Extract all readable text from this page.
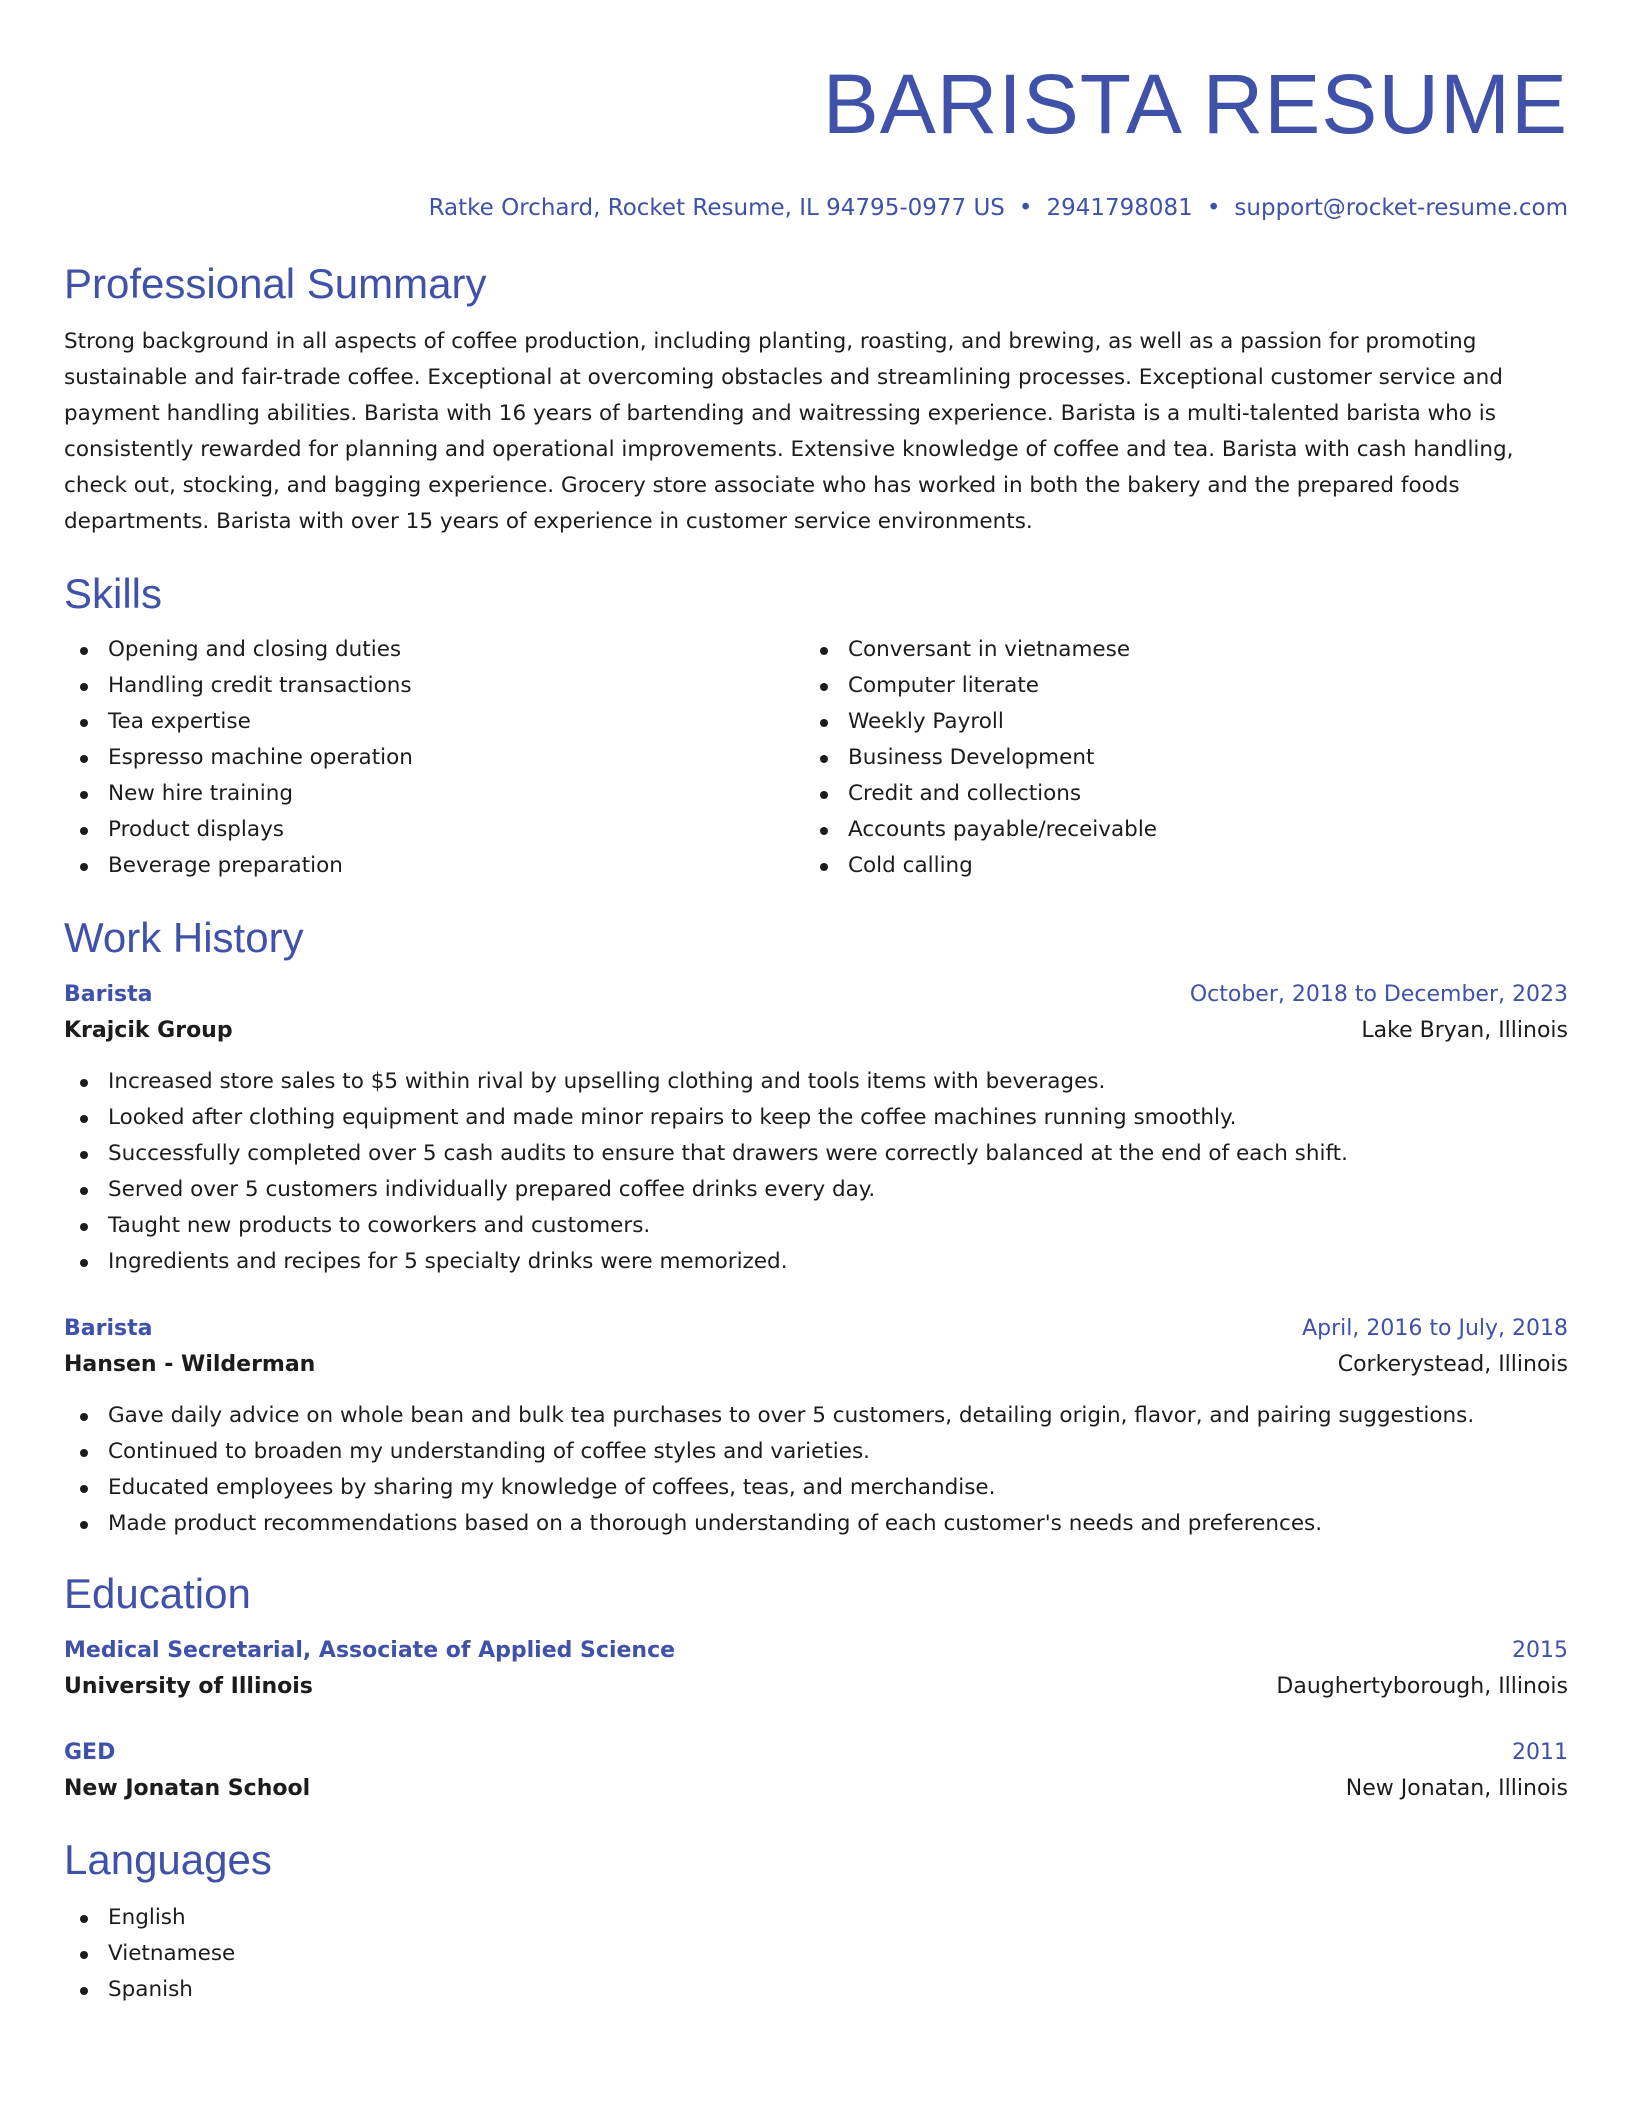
BARISTA RESUME
Ratke Orchard, Rocket Resume, IL 94795-0977 US • 2941798081 • support@rocket-resume.com
Professional Summary

Strong background in all aspects of coffee production, including planting, roasting, and brewing, as well as a passion for promoting sustainable and fair-trade coffee. Exceptional at overcoming obstacles and streamlining processes. Exceptional customer service and payment handling abilities. Barista with 16 years of bartending and waitressing experience. Barista is a multi-talented barista who is consistently rewarded for planning and operational improvements. Extensive knowledge of coffee and tea. Barista with cash handling, check out, stocking, and bagging experience. Grocery store associate who has worked in both the bakery and the prepared foods departments. Barista with over 15 years of experience in customer service environments.

Skills
Opening and closing duties
Handling credit transactions
Tea expertise
Espresso machine operation
New hire training
Product displays
Beverage preparation
Conversant in vietnamese
Computer literate
Weekly Payroll
Business Development
Credit and collections
Accounts payable/receivable
Cold calling
Work History
Barista	October, 2018 to December, 2023
Krajcik Group	Lake Bryan, Illinois
Increased store sales to $5 within rival by upselling clothing and tools items with beverages.
Looked after clothing equipment and made minor repairs to keep the coffee machines running smoothly.
Successfully completed over 5 cash audits to ensure that drawers were correctly balanced at the end of each shift.
Served over 5 customers individually prepared coffee drinks every day.
Taught new products to coworkers and customers.
Ingredients and recipes for 5 specialty drinks were memorized.
Barista	April, 2016 to July, 2018
Hansen - Wilderman	Corkerystead, Illinois
Gave daily advice on whole bean and bulk tea purchases to over 5 customers, detailing origin, flavor, and pairing suggestions.
Continued to broaden my understanding of coffee styles and varieties.
Educated employees by sharing my knowledge of coffees, teas, and merchandise.
Made product recommendations based on a thorough understanding of each customer's needs and preferences.
Education
Medical Secretarial, Associate of Applied Science	2015
University of Illinois	Daughertyborough, Illinois
GED	2011
New Jonatan School	New Jonatan, Illinois
Languages
English
Vietnamese
Spanish
